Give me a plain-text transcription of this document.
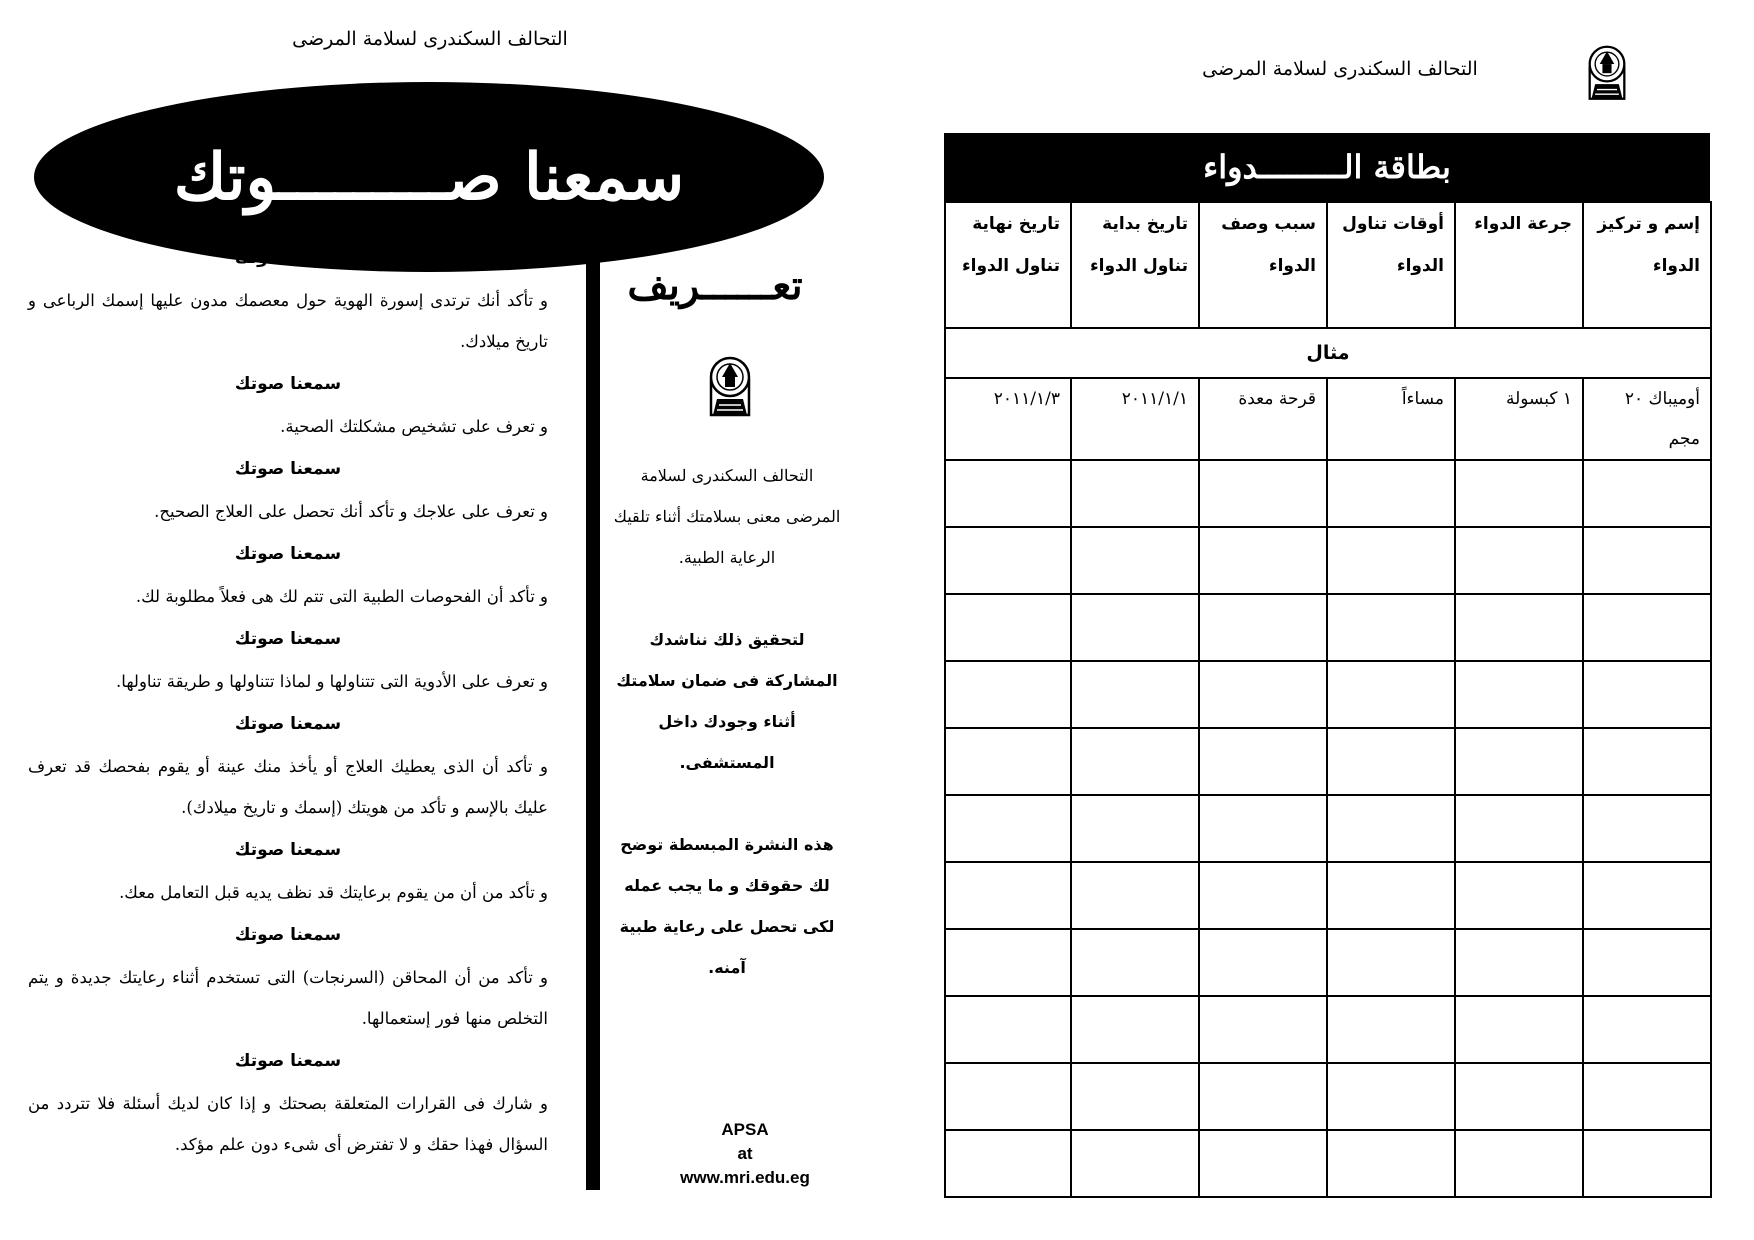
التحالف السكندرى لسلامة المرضى
سمعنا صـــــــــوتك
سمعنا صوتك
و تأكد أنك ترتدى إسورة الهوية حول معصمك مدون عليها إسمك الرباعى و تاريخ ميلادك.
سمعنا صوتك
و تعرف على تشخيص مشكلتك الصحية.
سمعنا صوتك
و تعرف على علاجك و تأكد أنك تحصل على العلاج الصحيح.
سمعنا صوتك
و تأكد أن الفحوصات الطبية التى تتم لك هى فعلاً مطلوبة لك.
سمعنا صوتك
و تعرف على الأدوية التى تتناولها و لماذا تتناولها و طريقة تناولها.
سمعنا صوتك
و تأكد أن الذى يعطيك العلاج أو يأخذ منك عينة أو يقوم بفحصك قد تعرف عليك بالإسم و تأكد من هويتك (إسمك و تاريخ ميلادك).
سمعنا صوتك
و تأكد من أن من يقوم برعايتك قد نظف يديه قبل التعامل معك.
سمعنا صوتك
و تأكد من أن المحاقن (السرنجات) التى تستخدم أثناء رعايتك جديدة و يتم التخلص منها فور إستعمالها.
سمعنا صوتك
و شارك فى القرارات المتعلقة بصحتك و إذا كان لديك أسئلة فلا تتردد من السؤال فهذا حقك و لا تفترض أى شىء دون علم مؤكد.
تعــــــريف
التحالف السكندرى لسلامة المرضى معنى بسلامتك أثناء تلقيك الرعاية الطبية.
لتحقيق ذلك نناشدك المشاركة فى ضمان سلامتك أثناء وجودك داخل المستشفى.
هذه النشرة المبسطة توضح لك حقوقك و ما يجب عمله لكى تحصل على رعاية طبية آمنه.
APSA
at
www.mri.edu.eg
التحالف السكندرى لسلامة المرضى
بطاقة الـــــــــدواء
إسم و تركيز الدواء	جرعة الدواء	أوقات تناول الدواء	سبب وصف الدواء	تاريخ بداية تناول الدواء	تاريخ نهاية تناول الدواء
مثال					
أوميباك ٢٠ مجم	١ كبسولة	مساءاً	قرحة معدة	٢٠١١/١/١	٢٠١١/١/٣
